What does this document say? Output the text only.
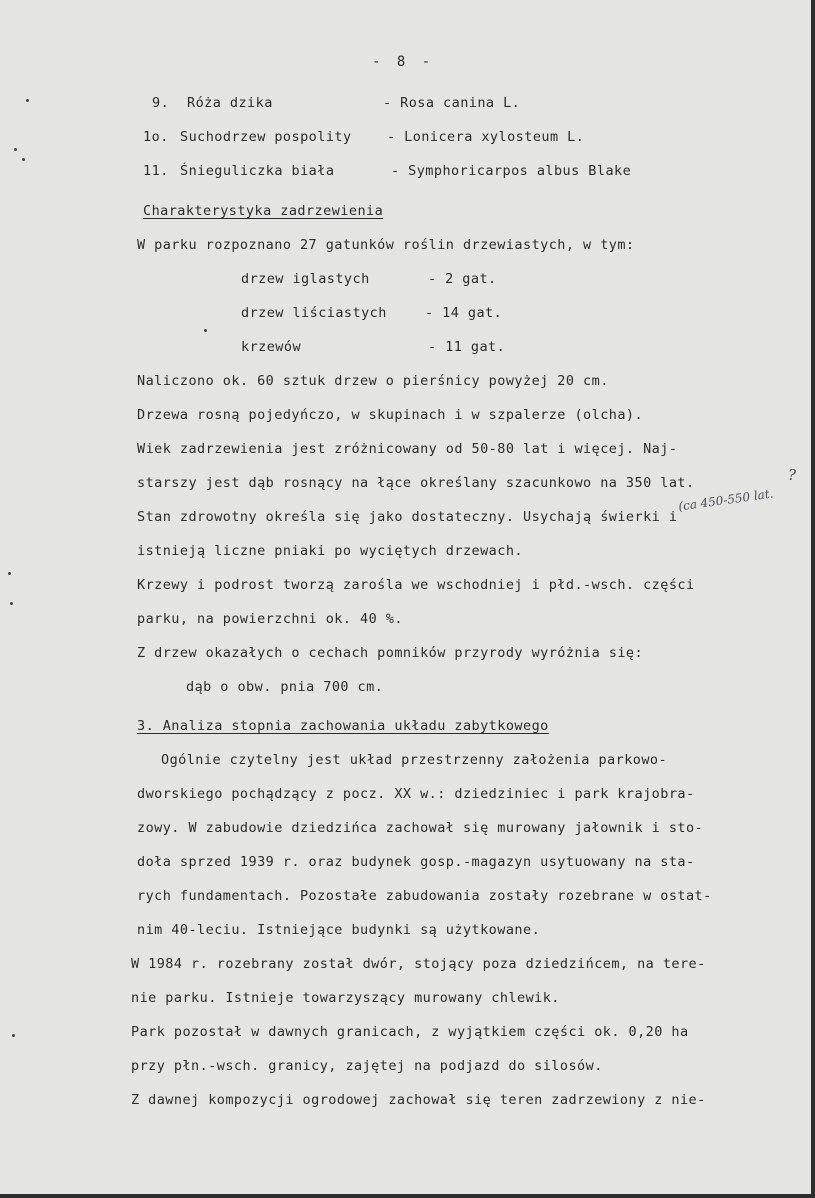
- 8 -
9. Róża dzika	- Rosa canina L.
1o. Suchodrzew pospolity	- Lonicera xylosteum L.
11. Śnieguliczka biała	- Symphoricarpos albus Blake
Charakterystyka zadrzewienia
W parku rozpoznano 27 gatunków roślin drzewiastych, w tym:
drzew iglastych	- 2 gat.
drzew liściastych	- 14 gat.
krzewów	- 11 gat.
Naliczono ok. 60 sztuk drzew o pierśnicy powyżej 20 cm.
Drzewa rosną pojedyńczo, w skupinach i w szpalerze (olcha).
Wiek zadrzewienia jest zróżnicowany od 50-80 lat i więcej. Naj-
starszy jest dąb rosnący na łące określany szacunkowo na 350 lat.
Stan zdrowotny określa się jako dostateczny. Usychają świerki i
istnieją liczne pniaki po wyciętych drzewach.
Krzewy i podrost tworzą zarośla we wschodniej i płd.-wsch. części
parku, na powierzchni ok. 40 %.
Z drzew okazałych o cechach pomników przyrody wyróżnia się:
dąb o obw. pnia 700 cm.
(ca 450-550 lat.
?
3. Analiza stopnia zachowania układu zabytkowego
Ogólnie czytelny jest układ przestrzenny założenia parkowo-
dworskiego pochądzący z pocz. XX w.: dziedziniec i park krajobra-
zowy. W zabudowie dziedzińca zachował się murowany jałownik i sto-
doła sprzed 1939 r. oraz budynek gosp.-magazyn usytuowany na sta-
rych fundamentach. Pozostałe zabudowania zostały rozebrane w ostat-
nim 40-leciu. Istniejące budynki są użytkowane.
W 1984 r. rozebrany został dwór, stojący poza dziedzińcem, na tere-
nie parku. Istnieje towarzyszący murowany chlewik.
Park pozostał w dawnych granicach, z wyjątkiem części ok. 0,20 ha
przy płn.-wsch. granicy, zajętej na podjazd do silosów.
Z dawnej kompozycji ogrodowej zachował się teren zadrzewiony z nie-
